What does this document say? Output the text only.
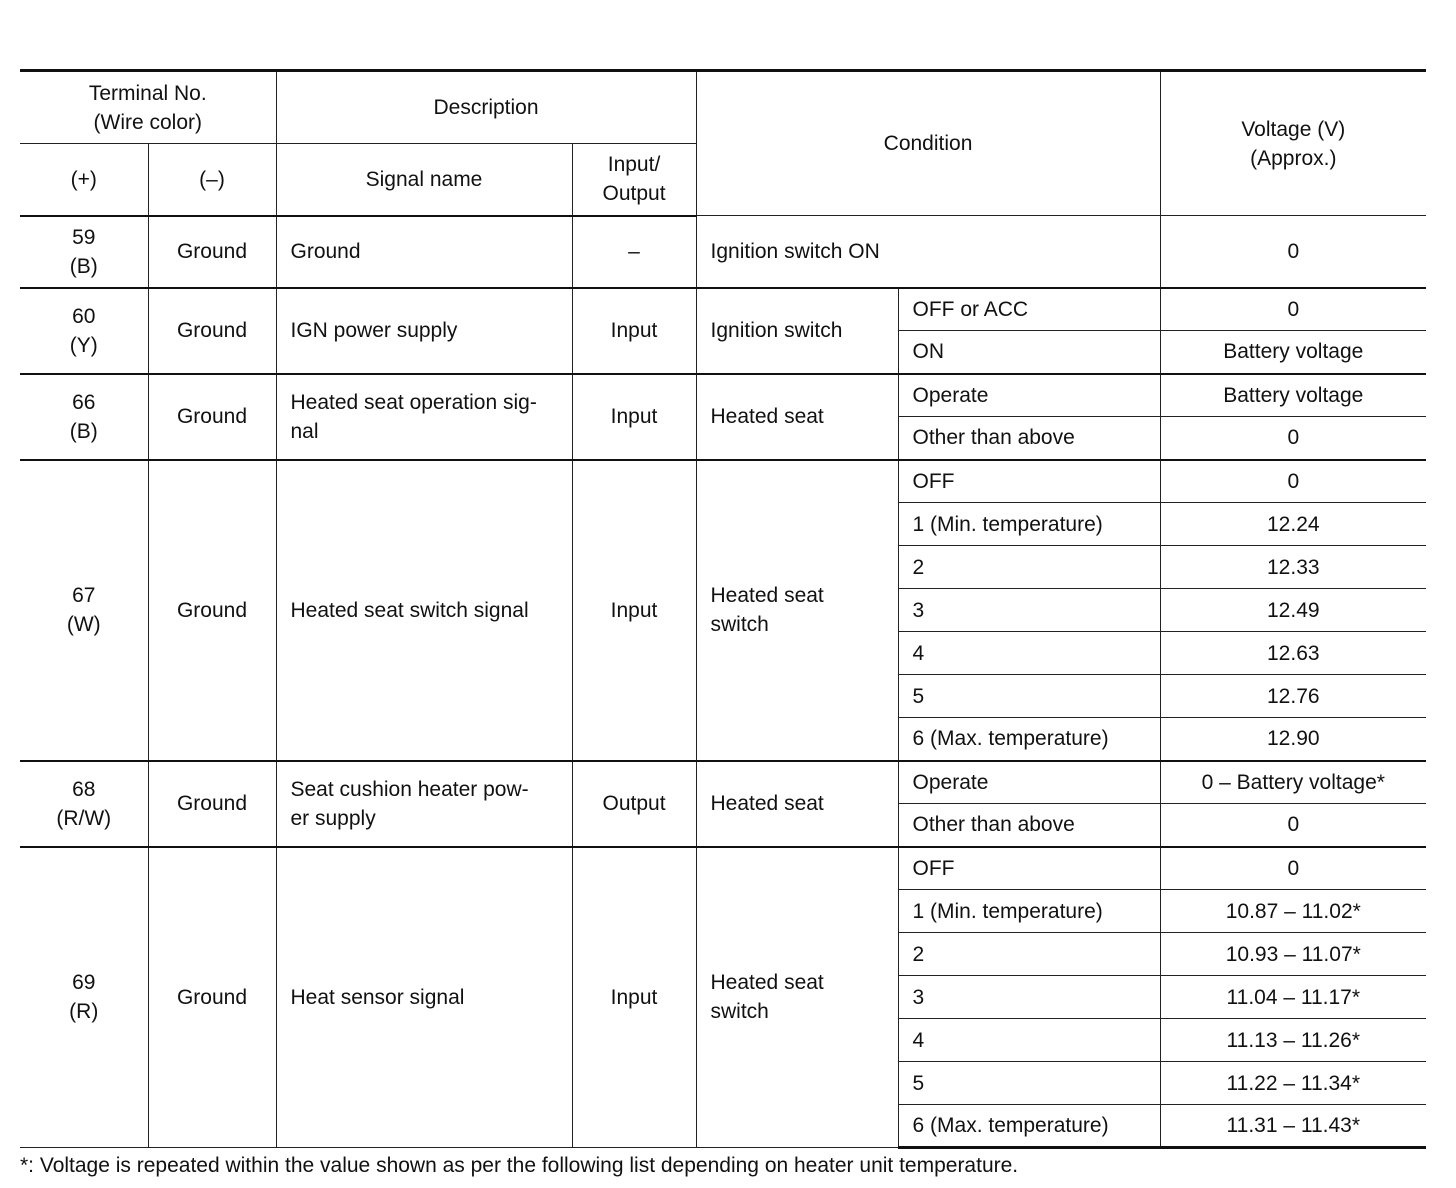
Terminal No.
(Wire color)		Description		Condition		Voltage (V)
(Approx.)
(+)	(–)	Signal name	Input/
Output			
59
(B)	Ground	Ground	–	Ignition switch ON		0
60
(Y)	Ground	IGN power supply	Input	Ignition switch	OFF or ACC	0
					ON	Battery voltage
66
(B)	Ground	Heated seat operation sig-
nal	Input	Heated seat	Operate	Battery voltage
					Other than above	0
67
(W)	Ground	Heated seat switch signal	Input	Heated seat
switch	OFF	0
					1 (Min. temperature)	12.24
					2	12.33
					3	12.49
					4	12.63
					5	12.76
					6 (Max. temperature)	12.90
68
(R/W)	Ground	Seat cushion heater pow-
er supply	Output	Heated seat	Operate	0 – Battery voltage*
					Other than above	0
69
(R)	Ground	Heat sensor signal	Input	Heated seat
switch	OFF	0
					1 (Min. temperature)	10.87 – 11.02*
					2	10.93 – 11.07*
					3	11.04 – 11.17*
					4	11.13 – 11.26*
					5	11.22 – 11.34*
					6 (Max. temperature)	11.31 – 11.43*
*: Voltage is repeated within the value shown as per the following list depending on heater unit temperature.
